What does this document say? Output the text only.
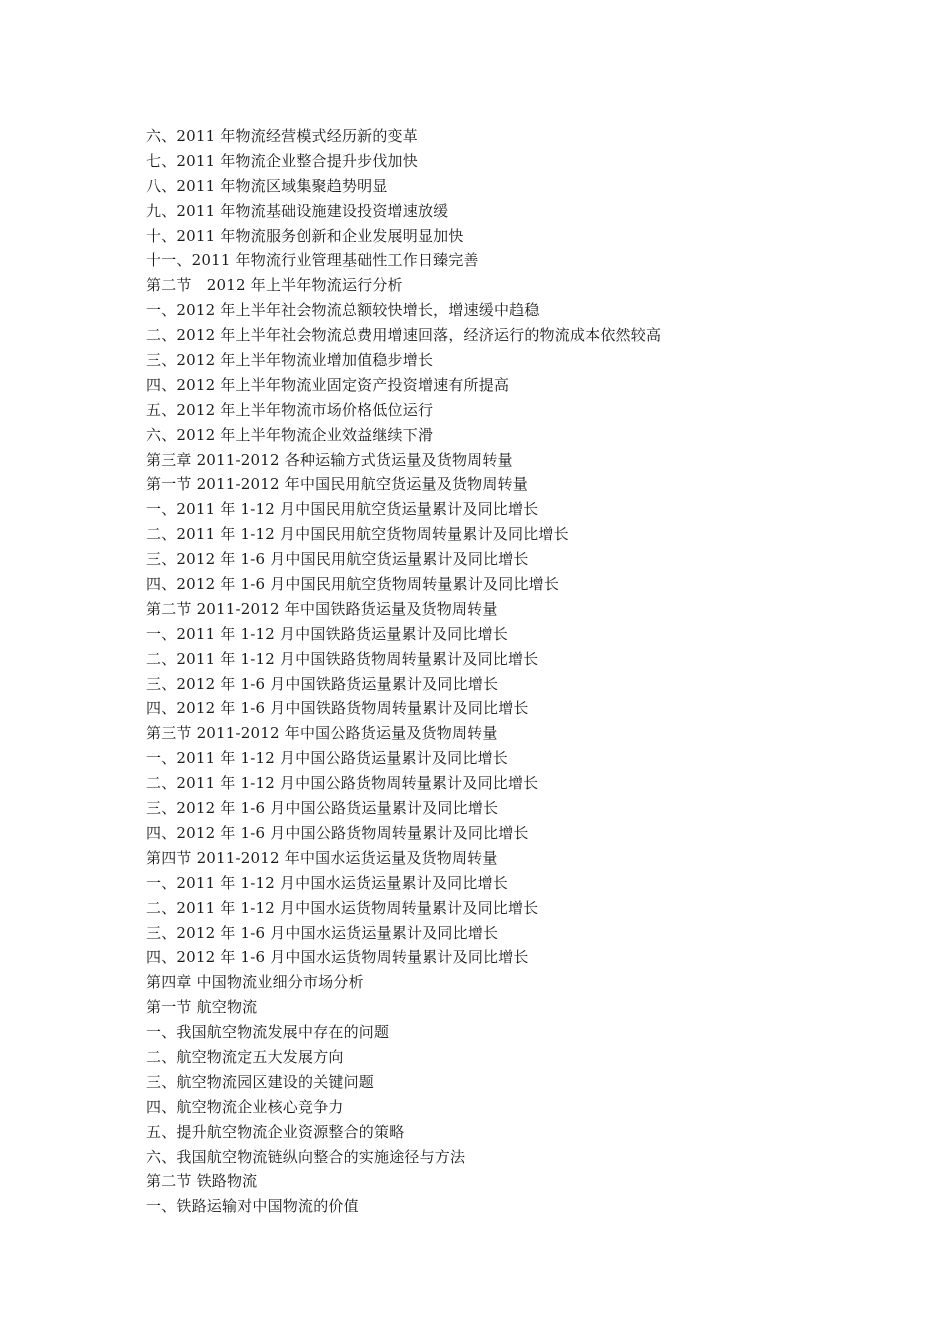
六、2011 年物流经营模式经历新的变革
七、2011 年物流企业整合提升步伐加快
八、2011 年物流区域集聚趋势明显
九、2011 年物流基础设施建设投资增速放缓
十、2011 年物流服务创新和企业发展明显加快
十一、2011 年物流行业管理基础性工作日臻完善
第二节　2012 年上半年物流运行分析
一、2012 年上半年社会物流总额较快增长，增速缓中趋稳
二、2012 年上半年社会物流总费用增速回落，经济运行的物流成本依然较高
三、2012 年上半年物流业增加值稳步增长
四、2012 年上半年物流业固定资产投资增速有所提高
五、2012 年上半年物流市场价格低位运行
六、2012 年上半年物流企业效益继续下滑
第三章 2011-2012 各种运输方式货运量及货物周转量
第一节 2011-2012 年中国民用航空货运量及货物周转量
一、2011 年 1-12 月中国民用航空货运量累计及同比增长
二、2011 年 1-12 月中国民用航空货物周转量累计及同比增长
三、2012 年 1-6 月中国民用航空货运量累计及同比增长
四、2012 年 1-6 月中国民用航空货物周转量累计及同比增长
第二节 2011-2012 年中国铁路货运量及货物周转量
一、2011 年 1-12 月中国铁路货运量累计及同比增长
二、2011 年 1-12 月中国铁路货物周转量累计及同比增长
三、2012 年 1-6 月中国铁路货运量累计及同比增长
四、2012 年 1-6 月中国铁路货物周转量累计及同比增长
第三节 2011-2012 年中国公路货运量及货物周转量
一、2011 年 1-12 月中国公路货运量累计及同比增长
二、2011 年 1-12 月中国公路货物周转量累计及同比增长
三、2012 年 1-6 月中国公路货运量累计及同比增长
四、2012 年 1-6 月中国公路货物周转量累计及同比增长
第四节 2011-2012 年中国水运货运量及货物周转量
一、2011 年 1-12 月中国水运货运量累计及同比增长
二、2011 年 1-12 月中国水运货物周转量累计及同比增长
三、2012 年 1-6 月中国水运货运量累计及同比增长
四、2012 年 1-6 月中国水运货物周转量累计及同比增长
第四章 中国物流业细分市场分析
第一节 航空物流
一、我国航空物流发展中存在的问题
二、航空物流定五大发展方向
三、航空物流园区建设的关键问题
四、航空物流企业核心竞争力
五、提升航空物流企业资源整合的策略
六、我国航空物流链纵向整合的实施途径与方法
第二节 铁路物流
一、铁路运输对中国物流的价值
